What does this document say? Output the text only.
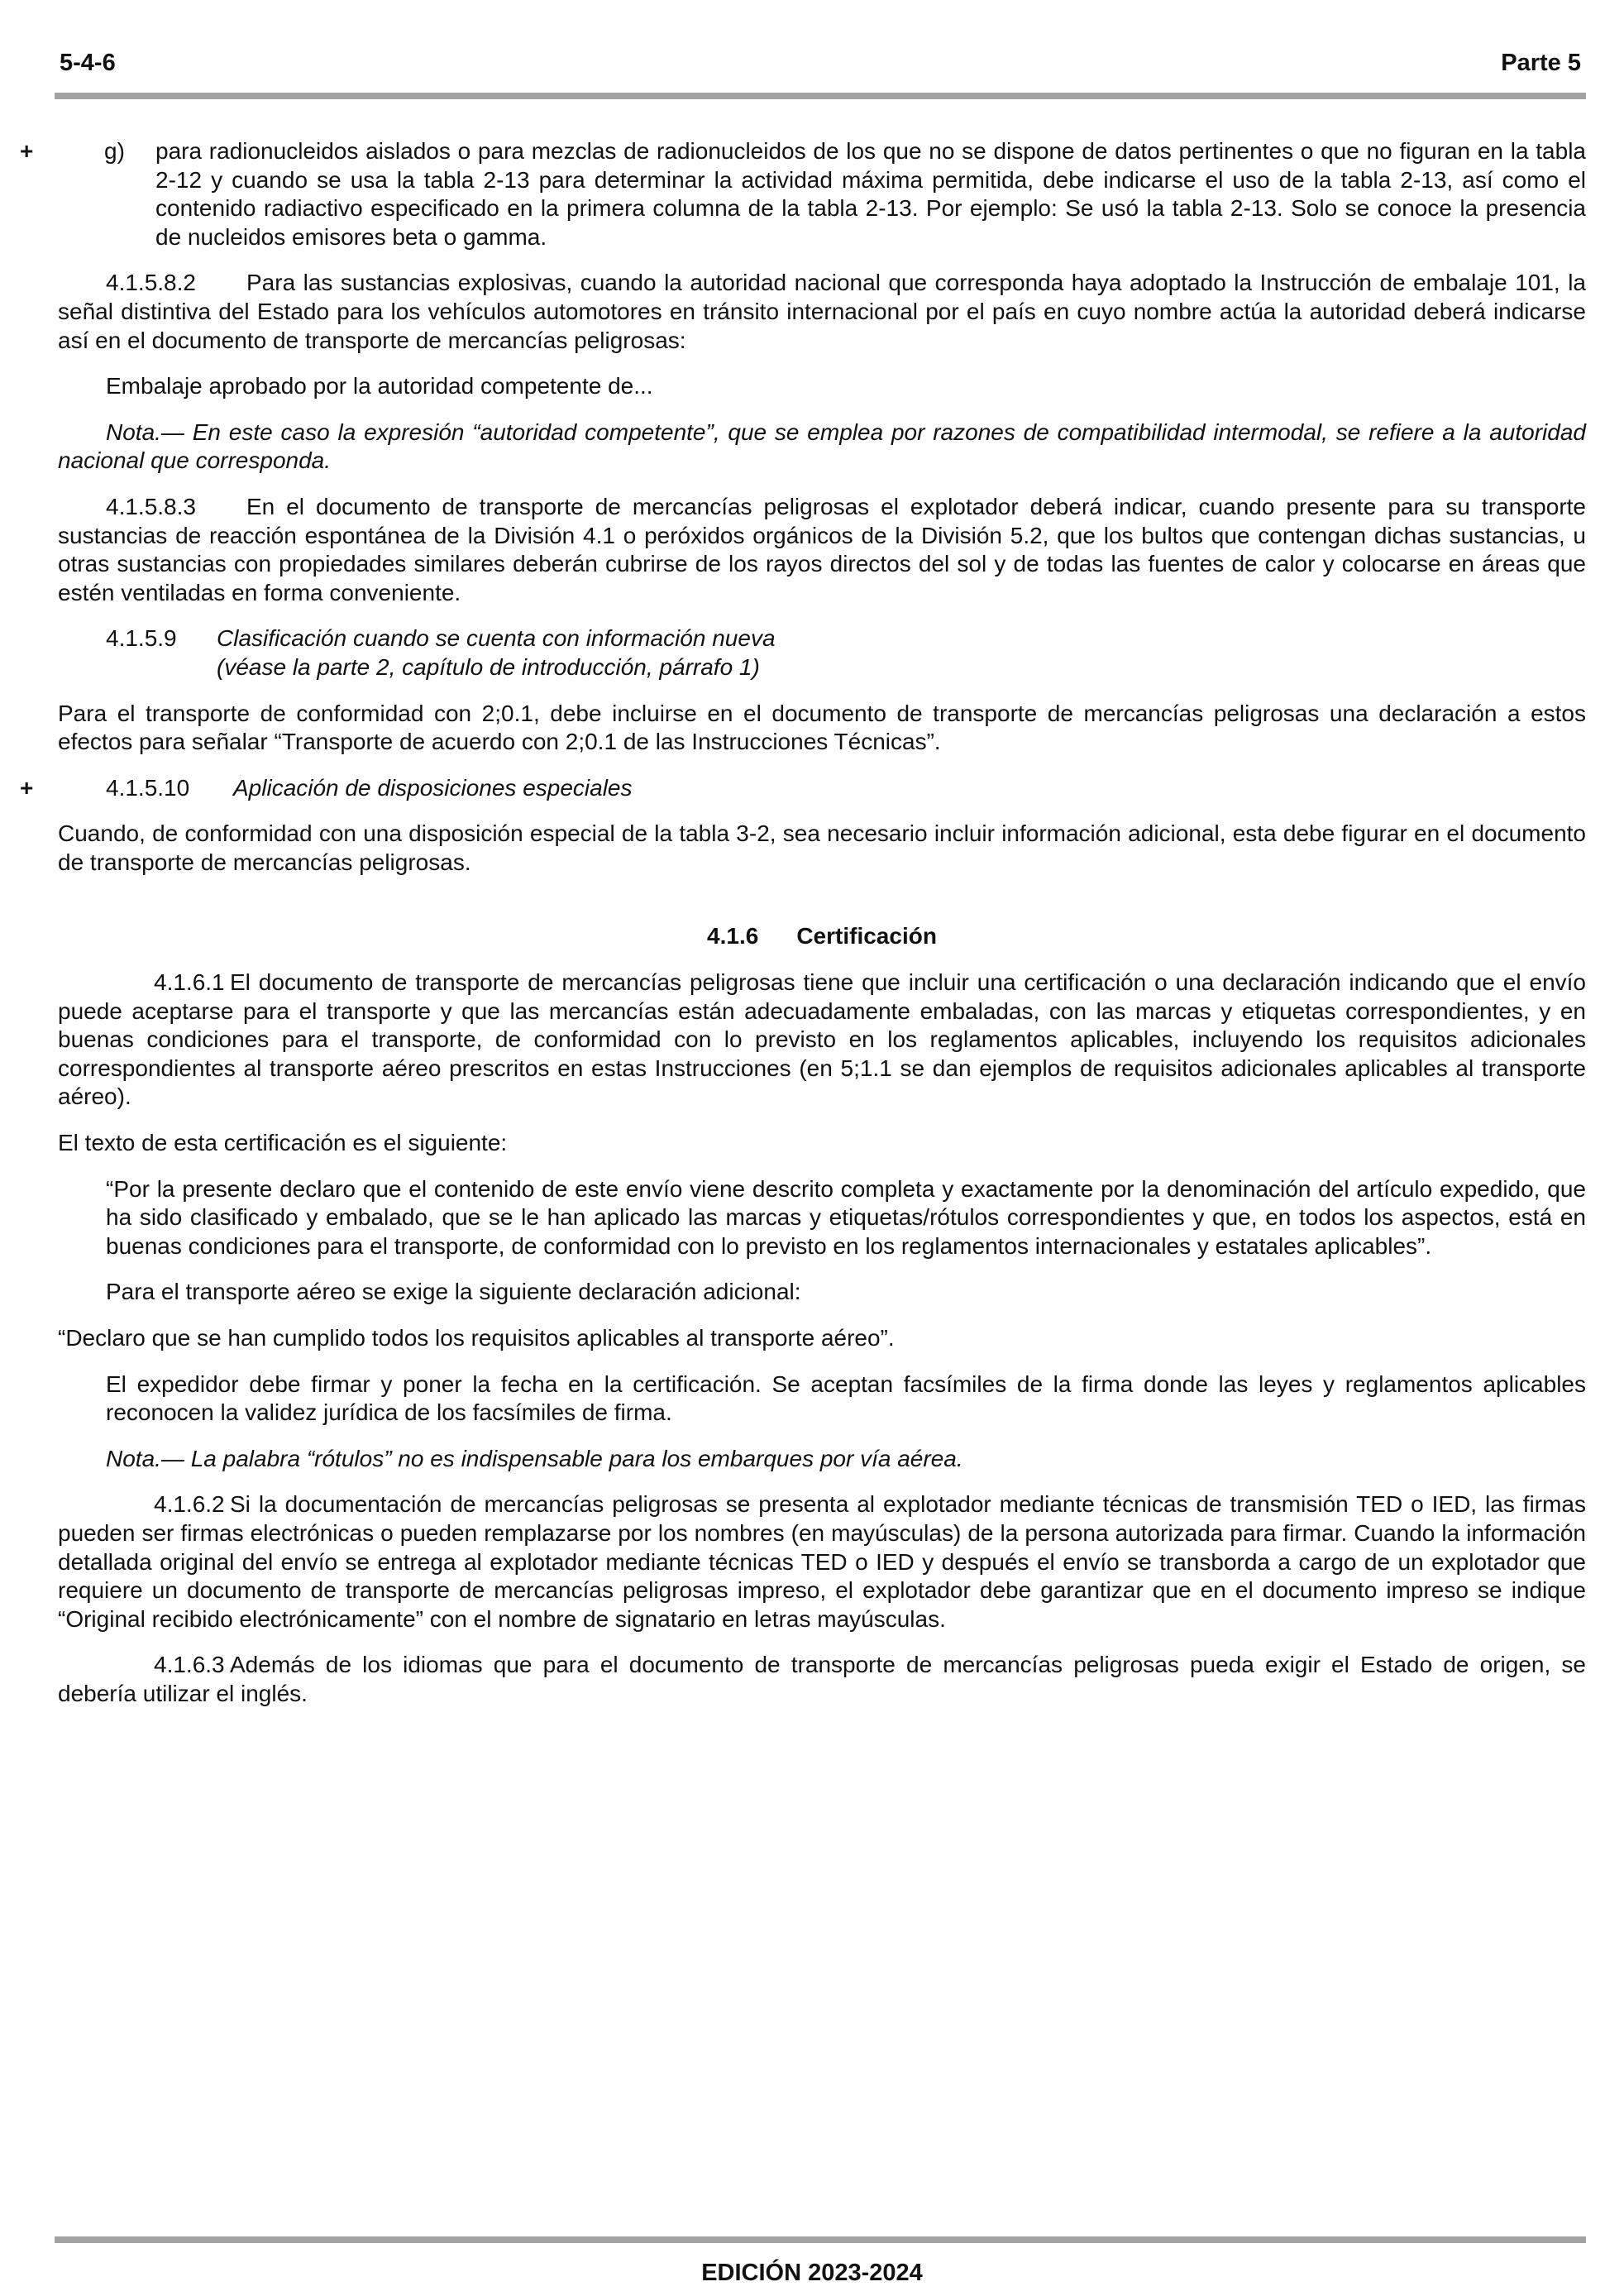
5-4-6	Parte 5
+	g) para radionucleidos aislados o para mezclas de radionucleidos de los que no se dispone de datos pertinentes o que no figuran en la tabla 2-12 y cuando se usa la tabla 2-13 para determinar la actividad máxima permitida, debe indicarse el uso de la tabla 2-13, así como el contenido radiactivo especificado en la primera columna de la tabla 2-13. Por ejemplo: Se usó la tabla 2-13. Solo se conoce la presencia de nucleidos emisores beta o gamma.

4.1.5.8.2 Para las sustancias explosivas, cuando la autoridad nacional que corresponda haya adoptado la Instrucción de embalaje 101, la señal distintiva del Estado para los vehículos automotores en tránsito internacional por el país en cuyo nombre actúa la autoridad deberá indicarse así en el documento de transporte de mercancías peligrosas:

Embalaje aprobado por la autoridad competente de...

Nota.— En este caso la expresión “autoridad competente”, que se emplea por razones de compatibilidad intermodal, se refiere a la autoridad nacional que corresponda.

4.1.5.8.3 En el documento de transporte de mercancías peligrosas el explotador deberá indicar, cuando presente para su transporte sustancias de reacción espontánea de la División 4.1 o peróxidos orgánicos de la División 5.2, que los bultos que contengan dichas sustancias, u otras sustancias con propiedades similares deberán cubrirse de los rayos directos del sol y de todas las fuentes de calor y colocarse en áreas que estén ventiladas en forma conveniente.

4.1.5.9 Clasificación cuando se cuenta con información nueva
(véase la parte 2, capítulo de introducción, párrafo 1)

Para el transporte de conformidad con 2;0.1, debe incluirse en el documento de transporte de mercancías peligrosas una declaración a estos efectos para señalar “Transporte de acuerdo con 2;0.1 de las Instrucciones Técnicas”.

+	4.1.5.10 Aplicación de disposiciones especiales

Cuando, de conformidad con una disposición especial de la tabla 3-2, sea necesario incluir información adicional, esta debe figurar en el documento de transporte de mercancías peligrosas.

4.1.6 Certificación

4.1.6.1 El documento de transporte de mercancías peligrosas tiene que incluir una certificación o una declaración indicando que el envío puede aceptarse para el transporte y que las mercancías están adecuadamente embaladas, con las marcas y etiquetas correspondientes, y en buenas condiciones para el transporte, de conformidad con lo previsto en los reglamentos aplicables, incluyendo los requisitos adicionales correspondientes al transporte aéreo prescritos en estas Instrucciones (en 5;1.1 se dan ejemplos de requisitos adicionales aplicables al transporte aéreo).

El texto de esta certificación es el siguiente:

“Por la presente declaro que el contenido de este envío viene descrito completa y exactamente por la denominación del artículo expedido, que ha sido clasificado y embalado, que se le han aplicado las marcas y etiquetas/rótulos correspondientes y que, en todos los aspectos, está en buenas condiciones para el transporte, de conformidad con lo previsto en los reglamentos internacionales y estatales aplicables”.

Para el transporte aéreo se exige la siguiente declaración adicional:

“Declaro que se han cumplido todos los requisitos aplicables al transporte aéreo”.

El expedidor debe firmar y poner la fecha en la certificación. Se aceptan facsímiles de la firma donde las leyes y reglamentos aplicables reconocen la validez jurídica de los facsímiles de firma.

Nota.— La palabra “rótulos” no es indispensable para los embarques por vía aérea.

4.1.6.2 Si la documentación de mercancías peligrosas se presenta al explotador mediante técnicas de transmisión TED o IED, las firmas pueden ser firmas electrónicas o pueden remplazarse por los nombres (en mayúsculas) de la persona autorizada para firmar. Cuando la información detallada original del envío se entrega al explotador mediante técnicas TED o IED y después el envío se transborda a cargo de un explotador que requiere un documento de transporte de mercancías peligrosas impreso, el explotador debe garantizar que en el documento impreso se indique “Original recibido electrónicamente” con el nombre de signatario en letras mayúsculas.

4.1.6.3 Además de los idiomas que para el documento de transporte de mercancías peligrosas pueda exigir el Estado de origen, se debería utilizar el inglés.

EDICIÓN 2023-2024
